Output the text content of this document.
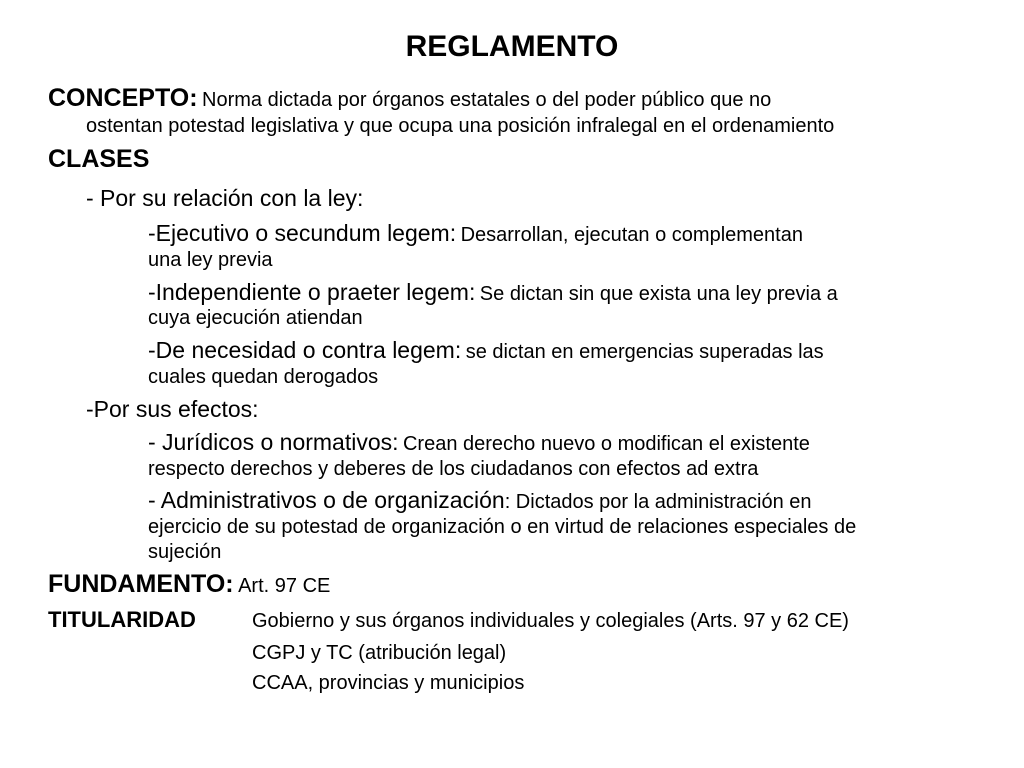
REGLAMENTO
CONCEPTO: Norma dictada por órganos estatales o del poder público que no
ostentan potestad legislativa y que ocupa una posición infralegal en el ordenamiento
CLASES
- Por su relación con la ley:
-Ejecutivo o secundum legem: Desarrollan, ejecutan o complementan
una ley previa
-Independiente o praeter legem: Se dictan sin que exista una ley previa a
cuya ejecución atiendan
-De necesidad o contra legem: se dictan en emergencias superadas las
cuales quedan derogados
-Por sus efectos:
- Jurídicos o normativos: Crean derecho nuevo o modifican el existente
respecto derechos y deberes de los ciudadanos con efectos ad extra
- Administrativos o de organización: Dictados por la administración en
ejercicio de su potestad de organización o en virtud de relaciones especiales de
sujeción
FUNDAMENTO: Art. 97 CE
TITULARIDAD	Gobierno y sus órganos individuales y colegiales (Arts. 97 y 62 CE)
CGPJ y TC (atribución legal)
CCAA, provincias y municipios
